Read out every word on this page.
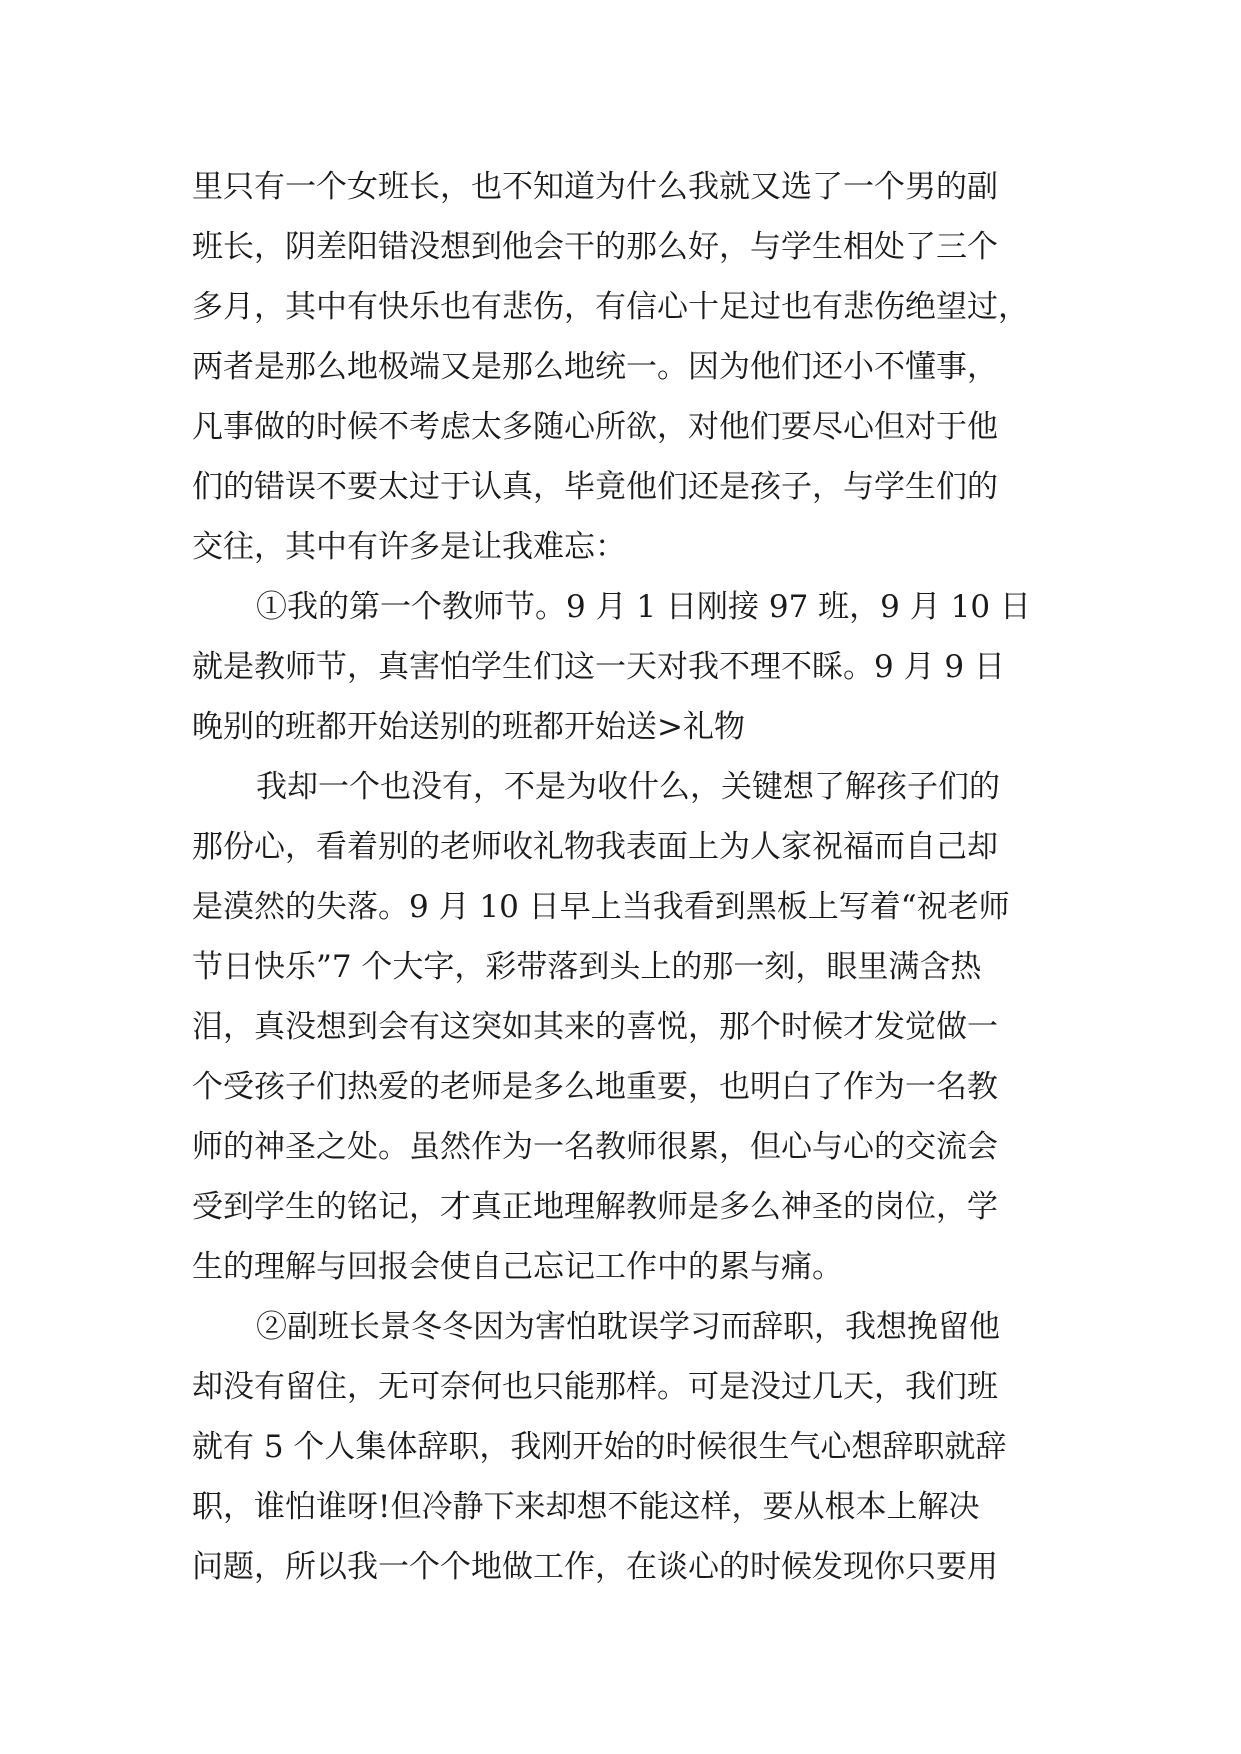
里只有一个女班长，也不知道为什么我就又选了一个男的副
班长，阴差阳错没想到他会干的那么好，与学生相处了三个
多月，其中有快乐也有悲伤，有信心十足过也有悲伤绝望过，
两者是那么地极端又是那么地统一。因为他们还小不懂事，
凡事做的时候不考虑太多随心所欲，对他们要尽心但对于他
们的错误不要太过于认真，毕竟他们还是孩子，与学生们的
交往，其中有许多是让我难忘：
①我的第一个教师节。9 月 1 日刚接 97 班，9 月 10 日
就是教师节，真害怕学生们这一天对我不理不睬。9 月 9 日
晚别的班都开始送别的班都开始送>礼物
我却一个也没有，不是为收什么，关键想了解孩子们的
那份心，看着别的老师收礼物我表面上为人家祝福而自己却
是漠然的失落。9 月 10 日早上当我看到黑板上写着“祝老师
节日快乐”7 个大字，彩带落到头上的那一刻，眼里满含热
泪，真没想到会有这突如其来的喜悦，那个时候才发觉做一
个受孩子们热爱的老师是多么地重要，也明白了作为一名教
师的神圣之处。虽然作为一名教师很累，但心与心的交流会
受到学生的铭记，才真正地理解教师是多么神圣的岗位，学
生的理解与回报会使自己忘记工作中的累与痛。
②副班长景冬冬因为害怕耽误学习而辞职，我想挽留他
却没有留住，无可奈何也只能那样。可是没过几天，我们班
就有 5 个人集体辞职，我刚开始的时候很生气心想辞职就辞
职，谁怕谁呀!但冷静下来却想不能这样，要从根本上解决
问题，所以我一个个地做工作，在谈心的时候发现你只要用
